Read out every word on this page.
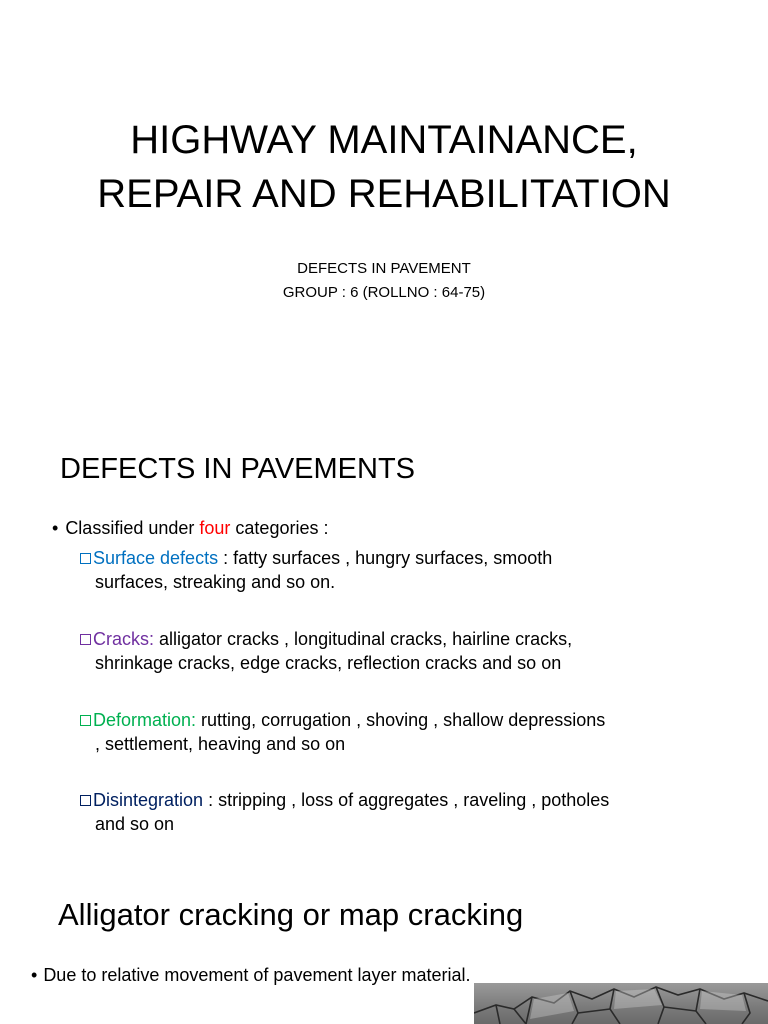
HIGHWAY MAINTAINANCE,
REPAIR AND REHABILITATION
DEFECTS IN PAVEMENT
GROUP : 6 (ROLLNO : 64-75)
DEFECTS IN PAVEMENTS
• Classified under four categories :
Surface defects : fatty surfaces , hungry surfaces, smooth
surfaces, streaking and so on.
Cracks: alligator cracks , longitudinal cracks, hairline cracks,
shrinkage cracks, edge cracks, reflection cracks and so on
Deformation: rutting, corrugation , shoving , shallow depressions
, settlement, heaving and so on
Disintegration : stripping , loss of aggregates , raveling , potholes
and so on
Alligator cracking or map cracking
• Due to relative movement of pavement layer material.
